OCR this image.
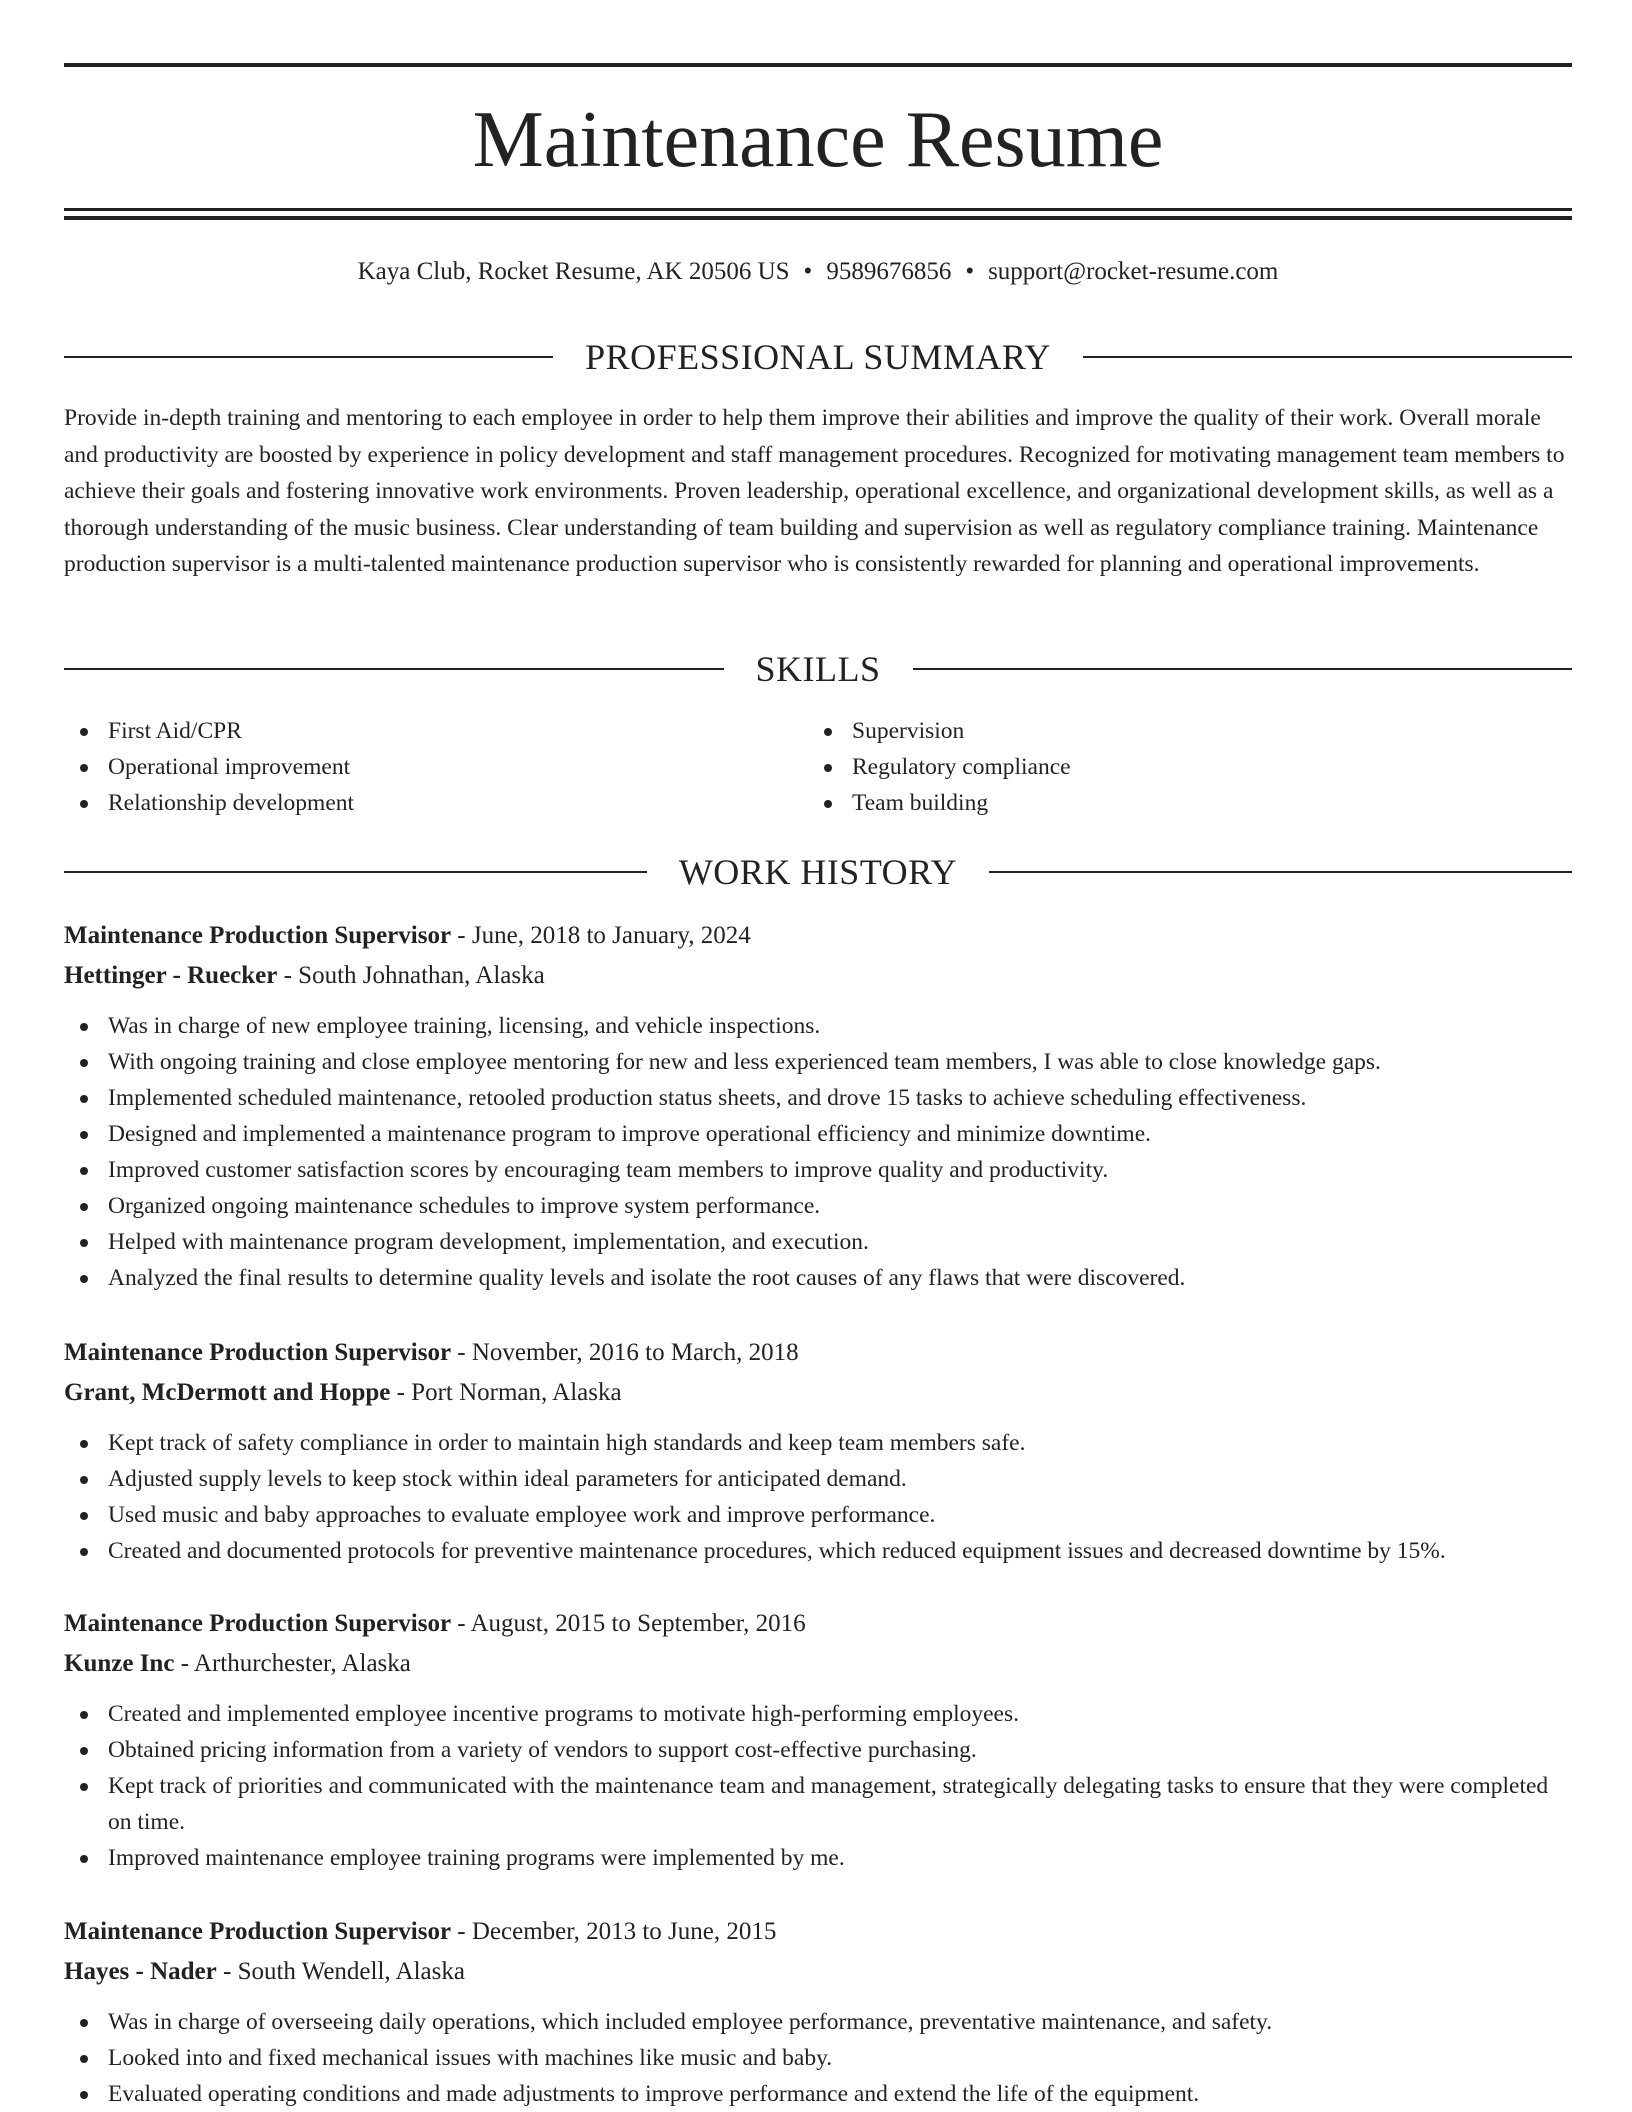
Maintenance Resume
Kaya Club, Rocket Resume, AK 20506 US • 9589676856 • support@rocket-resume.com
PROFESSIONAL SUMMARY

Provide in-depth training and mentoring to each employee in order to help them improve their abilities and improve the quality of their work. Overall morale and productivity are boosted by experience in policy development and staff management procedures. Recognized for motivating management team members to achieve their goals and fostering innovative work environments. Proven leadership, operational excellence, and organizational development skills, as well as a thorough understanding of the music business. Clear understanding of team building and supervision as well as regulatory compliance training. Maintenance production supervisor is a multi-talented maintenance production supervisor who is consistently rewarded for planning and operational improvements.

SKILLS
First Aid/CPR
Operational improvement
Relationship development
Supervision
Regulatory compliance
Team building
WORK HISTORY
Maintenance Production Supervisor - June, 2018 to January, 2024
Hettinger - Ruecker - South Johnathan, Alaska
Was in charge of new employee training, licensing, and vehicle inspections.
With ongoing training and close employee mentoring for new and less experienced team members, I was able to close knowledge gaps.
Implemented scheduled maintenance, retooled production status sheets, and drove 15 tasks to achieve scheduling effectiveness.
Designed and implemented a maintenance program to improve operational efficiency and minimize downtime.
Improved customer satisfaction scores by encouraging team members to improve quality and productivity.
Organized ongoing maintenance schedules to improve system performance.
Helped with maintenance program development, implementation, and execution.
Analyzed the final results to determine quality levels and isolate the root causes of any flaws that were discovered.
Maintenance Production Supervisor - November, 2016 to March, 2018
Grant, McDermott and Hoppe - Port Norman, Alaska
Kept track of safety compliance in order to maintain high standards and keep team members safe.
Adjusted supply levels to keep stock within ideal parameters for anticipated demand.
Used music and baby approaches to evaluate employee work and improve performance.
Created and documented protocols for preventive maintenance procedures, which reduced equipment issues and decreased downtime by 15%.
Maintenance Production Supervisor - August, 2015 to September, 2016
Kunze Inc - Arthurchester, Alaska
Created and implemented employee incentive programs to motivate high-performing employees.
Obtained pricing information from a variety of vendors to support cost-effective purchasing.
Kept track of priorities and communicated with the maintenance team and management, strategically delegating tasks to ensure that they were completed on time.
Improved maintenance employee training programs were implemented by me.
Maintenance Production Supervisor - December, 2013 to June, 2015
Hayes - Nader - South Wendell, Alaska
Was in charge of overseeing daily operations, which included employee performance, preventative maintenance, and safety.
Looked into and fixed mechanical issues with machines like music and baby.
Evaluated operating conditions and made adjustments to improve performance and extend the life of the equipment.
